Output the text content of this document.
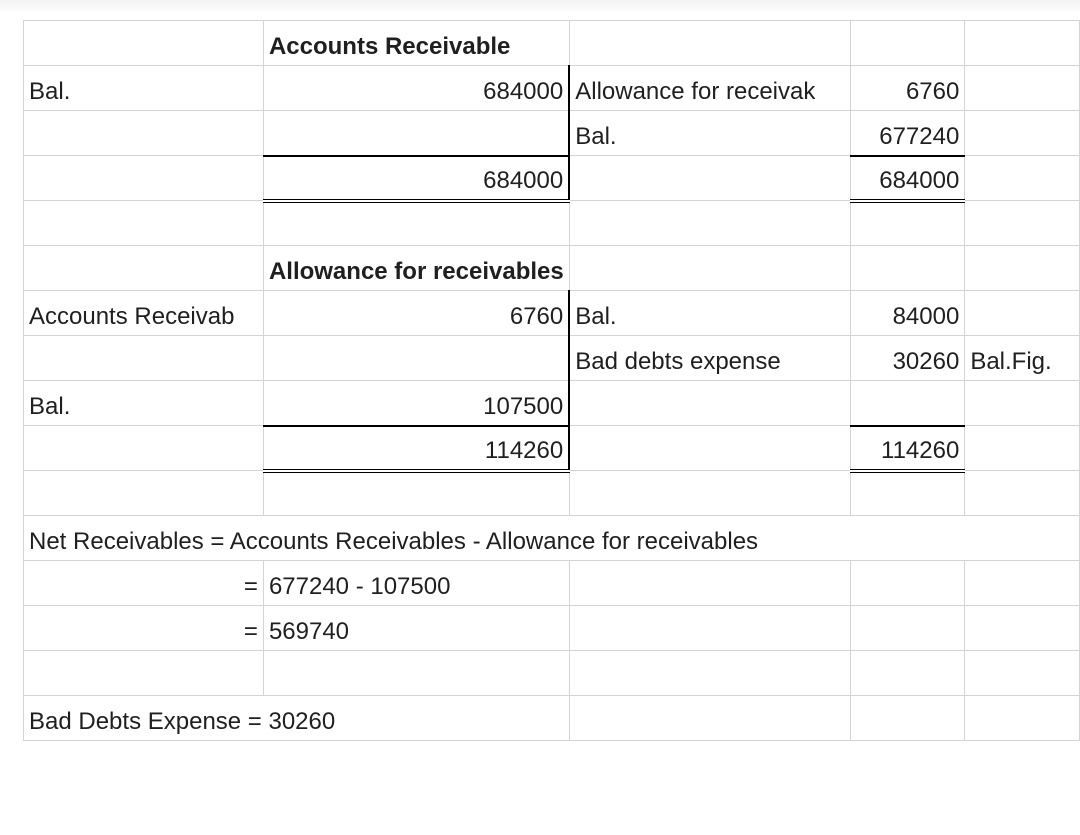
	Accounts Receivable			
Bal.	684000	Allowance for receivak	6760	
		Bal.	677240	
	684000		684000	

	Allowance for receivables			
Accounts Receivab	6760	Bal.	84000	
		Bad debts expense	30260	Bal.Fig.
Bal.	107500			
	114260		114260	

Net Receivables = Accounts Receivables - Allowance for receivables				
=	677240 - 107500			
=	569740			

Bad Debts Expense = 30260				
